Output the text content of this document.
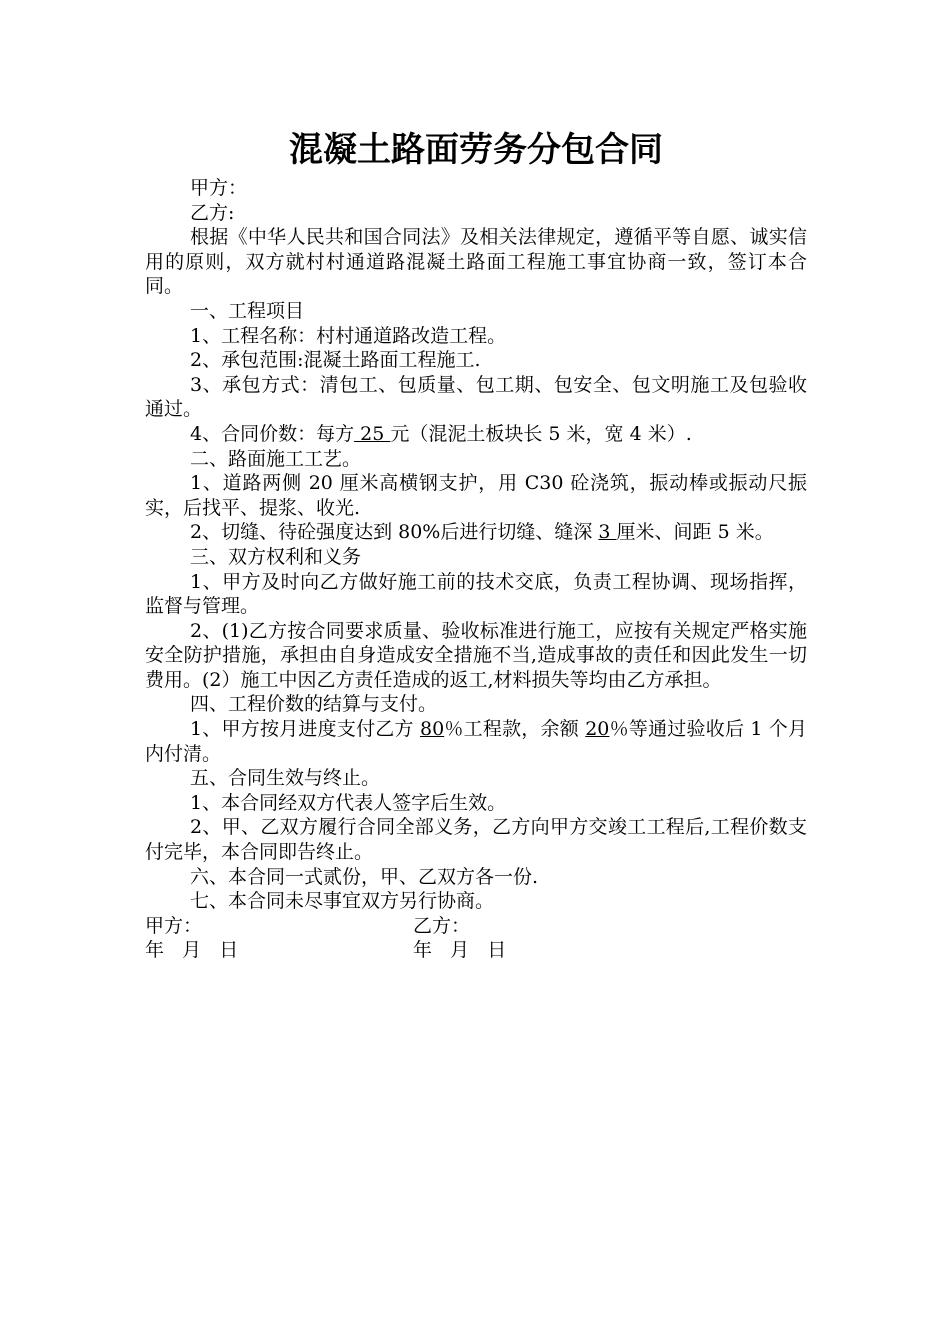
混凝土路面劳务分包合同

甲方：

乙方:

根据《中华人民共和国合同法》及相关法律规定，遵循平等自愿、诚实信用的原则，双方就村村通道路混凝土路面工程施工事宜协商一致，签订本合同。

一、工程项目

1、工程名称：村村通道路改造工程。

2、承包范围:混凝土路面工程施工.

3、承包方式：清包工、包质量、包工期、包安全、包文明施工及包验收通过。

4、合同价数：每方 25 元（混泥土板块长 5 米，宽 4 米）.

二、路面施工工艺。

1、道路两侧 20 厘米高横钢支护，用 C30 砼浇筑，振动棒或振动尺振实，后找平、提浆、收光.

2、切缝、待砼强度达到 80%后进行切缝、缝深 3 厘米、间距 5 米。

三、双方权利和义务

1、甲方及时向乙方做好施工前的技术交底，负责工程协调、现场指挥，监督与管理。

2、(1)乙方按合同要求质量、验收标准进行施工，应按有关规定严格实施安全防护措施，承担由自身造成安全措施不当,造成事故的责任和因此发生一切费用。(2）施工中因乙方责任造成的返工,材料损失等均由乙方承担。

四、工程价数的结算与支付。

1、甲方按月进度支付乙方 80％工程款，余额 20％等通过验收后 1 个月内付清。

五、合同生效与终止。

1、本合同经双方代表人签字后生效。

2、甲、乙双方履行合同全部义务，乙方向甲方交竣工工程后,工程价数支付完毕，本合同即告终止。

六、本合同一式贰份，甲、乙双方各一份.

七、本合同未尽事宜双方另行协商。

甲方：

	乙方：

年   月   日

	年   月   日
